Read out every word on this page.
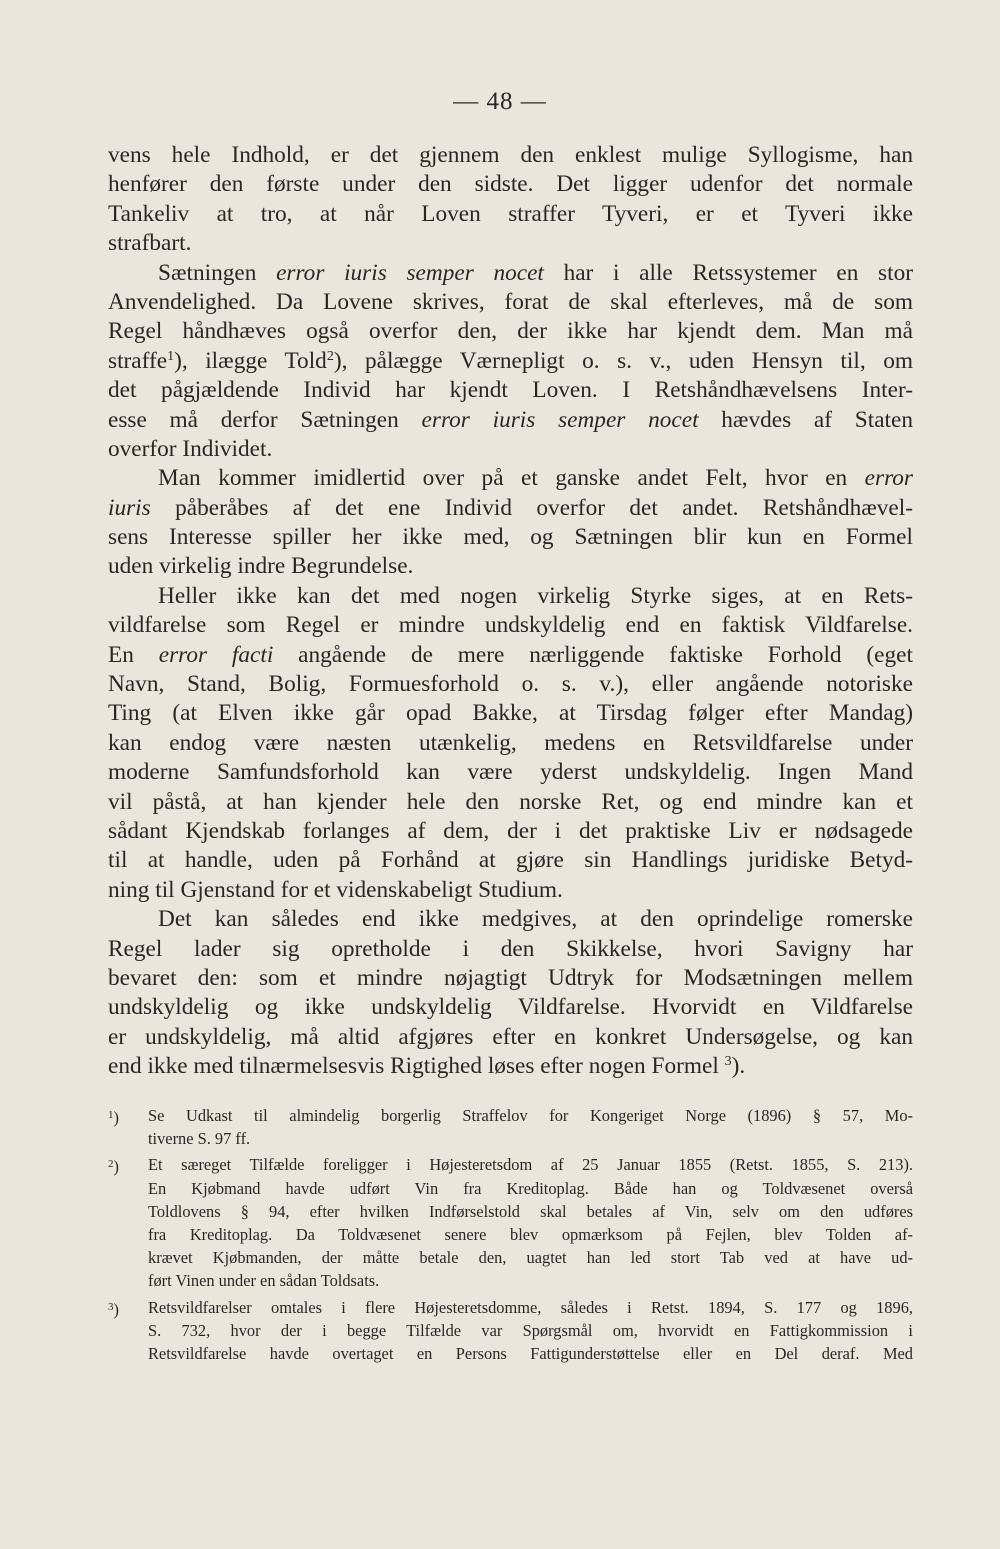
— 48 —
vens hele Indhold, er det gjennem den enklest mulige Syllogisme, han
henfører den første under den sidste. Det ligger udenfor det normale
Tankeliv at tro, at når Loven straffer Tyveri, er et Tyveri ikke
strafbart.
Sætningen error iuris semper nocet har i alle Retssystemer en stor
Anvendelighed. Da Lovene skrives, forat de skal efterleves, må de som
Regel håndhæves også overfor den, der ikke har kjendt dem. Man må
straffe$^1$), ilægge Told$^2$), pålægge Værnepligt o. s. v., uden Hensyn til, om
det pågjældende Individ har kjendt Loven. I Retshåndhævelsens Inter-
esse må derfor Sætningen error iuris semper nocet hævdes af Staten
overfor Individet.
Man kommer imidlertid over på et ganske andet Felt, hvor en error
iuris påberåbes af det ene Individ overfor det andet. Retshåndhævel-
sens Interesse spiller her ikke med, og Sætningen blir kun en Formel
uden virkelig indre Begrundelse.
Heller ikke kan det med nogen virkelig Styrke siges, at en Rets-
vildfarelse som Regel er mindre undskyldelig end en faktisk Vildfarelse.
En error facti angående de mere nærliggende faktiske Forhold (eget
Navn, Stand, Bolig, Formuesforhold o. s. v.), eller angående notoriske
Ting (at Elven ikke går opad Bakke, at Tirsdag følger efter Mandag)
kan endog være næsten utænkelig, medens en Retsvildfarelse under
moderne Samfundsforhold kan være yderst undskyldelig. Ingen Mand
vil påstå, at han kjender hele den norske Ret, og end mindre kan et
sådant Kjendskab forlanges af dem, der i det praktiske Liv er nødsagede
til at handle, uden på Forhånd at gjøre sin Handlings juridiske Betyd-
ning til Gjenstand for et videnskabeligt Studium.
Det kan således end ikke medgives, at den oprindelige romerske
Regel lader sig opretholde i den Skikkelse, hvori Savigny har
bevaret den: som et mindre nøjagtigt Udtryk for Modsætningen mellem
undskyldelig og ikke undskyldelig Vildfarelse. Hvorvidt en Vildfarelse
er undskyldelig, må altid afgjøres efter en konkret Undersøgelse, og kan
end ikke med tilnærmelsesvis Rigtighed løses efter nogen Formel $^3$).
$^1$) Se Udkast til almindelig borgerlig Straffelov for Kongeriget Norge (1896) § 57, Mo-
tiverne S. 97 ff.
$^2$) Et særeget Tilfælde foreligger i Højesteretsdom af 25 Januar 1855 (Retst. 1855, S. 213).
En Kjøbmand havde udført Vin fra Kreditoplag. Både han og Toldvæsenet overså
Toldlovens § 94, efter hvilken Indførselstold skal betales af Vin, selv om den udføres
fra Kreditoplag. Da Toldvæsenet senere blev opmærksom på Fejlen, blev Tolden af-
krævet Kjøbmanden, der måtte betale den, uagtet han led stort Tab ved at have ud-
ført Vinen under en sådan Toldsats.
$^3$) Retsvildfarelser omtales i flere Højesteretsdomme, således i Retst. 1894, S. 177 og 1896,
S. 732, hvor der i begge Tilfælde var Spørgsmål om, hvorvidt en Fattigkommission i
Retsvildfarelse havde overtaget en Persons Fattigunderstøttelse eller en Del deraf. Med
